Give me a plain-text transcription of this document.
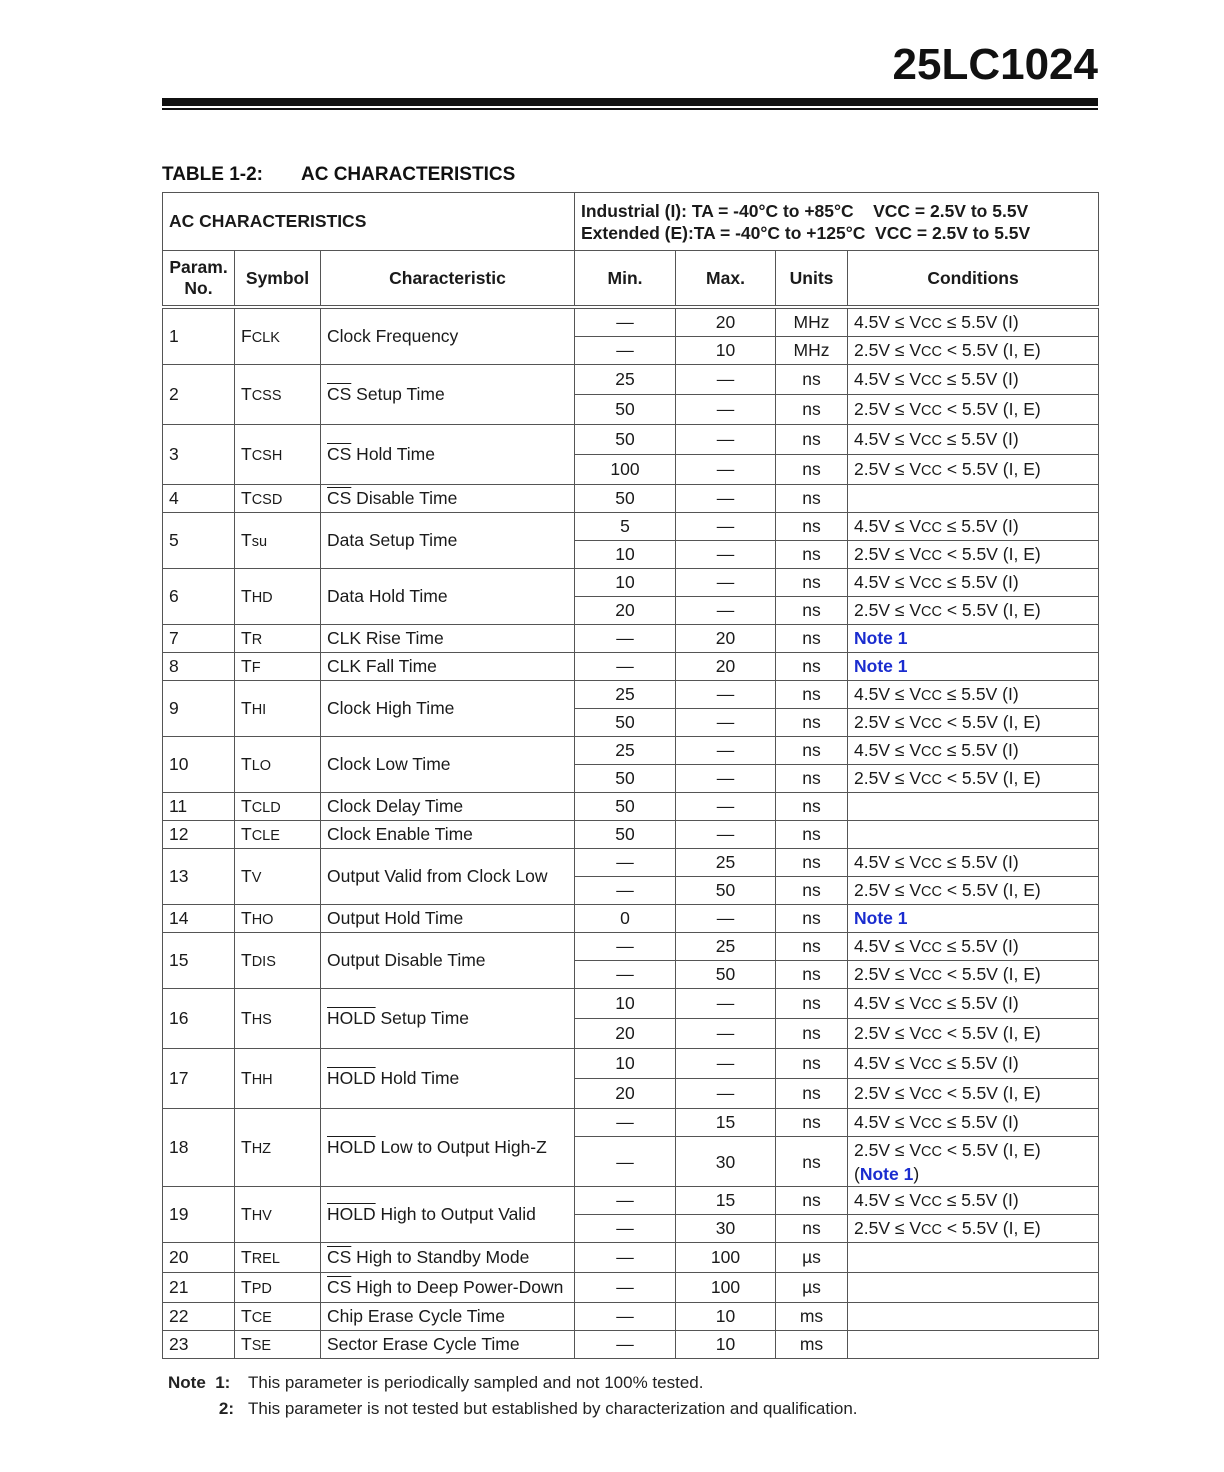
25LC1024
TABLE 1-2: AC CHARACTERISTICS
AC CHARACTERISTICS			Industrial (I): TA = -40°C to +85°C    VCC = 2.5V to 5.5V
Extended (E):TA = -40°C to +125°C  VCC = 2.5V to 5.5V			

Param. No.	Symbol	Characteristic	Min.	Max.	Units	Conditions
1	FCLK	Clock Frequency	—	20	MHz	4.5V ≤ VCC ≤ 5.5V (I)
			—	10	MHz	2.5V ≤ VCC < 5.5V (I, E)
2	TCSS	$\overline{CS}$ Setup Time	25	—	ns	4.5V ≤ VCC ≤ 5.5V (I)
			50	—	ns	2.5V ≤ VCC < 5.5V (I, E)
3	TCSH	$\overline{CS}$ Hold Time	50	—	ns	4.5V ≤ VCC ≤ 5.5V (I)
			100	—	ns	2.5V ≤ VCC < 5.5V (I, E)
4	TCSD	$\overline{CS}$ Disable Time	50	—	ns	
5	Tsu	Data Setup Time	5	—	ns	4.5V ≤ VCC ≤ 5.5V (I)
			10	—	ns	2.5V ≤ VCC < 5.5V (I, E)
6	THD	Data Hold Time	10	—	ns	4.5V ≤ VCC ≤ 5.5V (I)
			20	—	ns	2.5V ≤ VCC < 5.5V (I, E)
7	TR	CLK Rise Time	—	20	ns	Note 1
8	TF	CLK Fall Time	—	20	ns	Note 1
9	THI	Clock High Time	25	—	ns	4.5V ≤ VCC ≤ 5.5V (I)
			50	—	ns	2.5V ≤ VCC < 5.5V (I, E)
10	TLO	Clock Low Time	25	—	ns	4.5V ≤ VCC ≤ 5.5V (I)
			50	—	ns	2.5V ≤ VCC < 5.5V (I, E)
11	TCLD	Clock Delay Time	50	—	ns	
12	TCLE	Clock Enable Time	50	—	ns	
13	TV	Output Valid from Clock Low	—	25	ns	4.5V ≤ VCC ≤ 5.5V (I)
			—	50	ns	2.5V ≤ VCC < 5.5V (I, E)
14	THO	Output Hold Time	0	—	ns	Note 1
15	TDIS	Output Disable Time	—	25	ns	4.5V ≤ VCC ≤ 5.5V (I)
			—	50	ns	2.5V ≤ VCC < 5.5V (I, E)
16	THS	HOLD Setup Time	10	—	ns	4.5V ≤ VCC ≤ 5.5V (I)
			20	—	ns	2.5V ≤ VCC < 5.5V (I, E)
17	THH	HOLD Hold Time	10	—	ns	4.5V ≤ VCC ≤ 5.5V (I)
			20	—	ns	2.5V ≤ VCC < 5.5V (I, E)
18	THZ	HOLD Low to Output High-Z	—	15	ns	4.5V ≤ VCC ≤ 5.5V (I)
			—	30	ns	2.5V ≤ VCC < 5.5V (I, E)
(Note 1)
19	THV	HOLD High to Output Valid	—	15	ns	4.5V ≤ VCC ≤ 5.5V (I)
			—	30	ns	2.5V ≤ VCC < 5.5V (I, E)
20	TREL	$\overline{CS}$ High to Standby Mode	—	100	µs	
21	TPD	$\overline{CS}$ High to Deep Power-Down	—	100	µs	
22	TCE	Chip Erase Cycle Time	—	10	ms	
23	TSE	Sector Erase Cycle Time	—	10	ms	
Note  1: This parameter is periodically sampled and not 100% tested.
2: This parameter is not tested but established by characterization and qualification.
